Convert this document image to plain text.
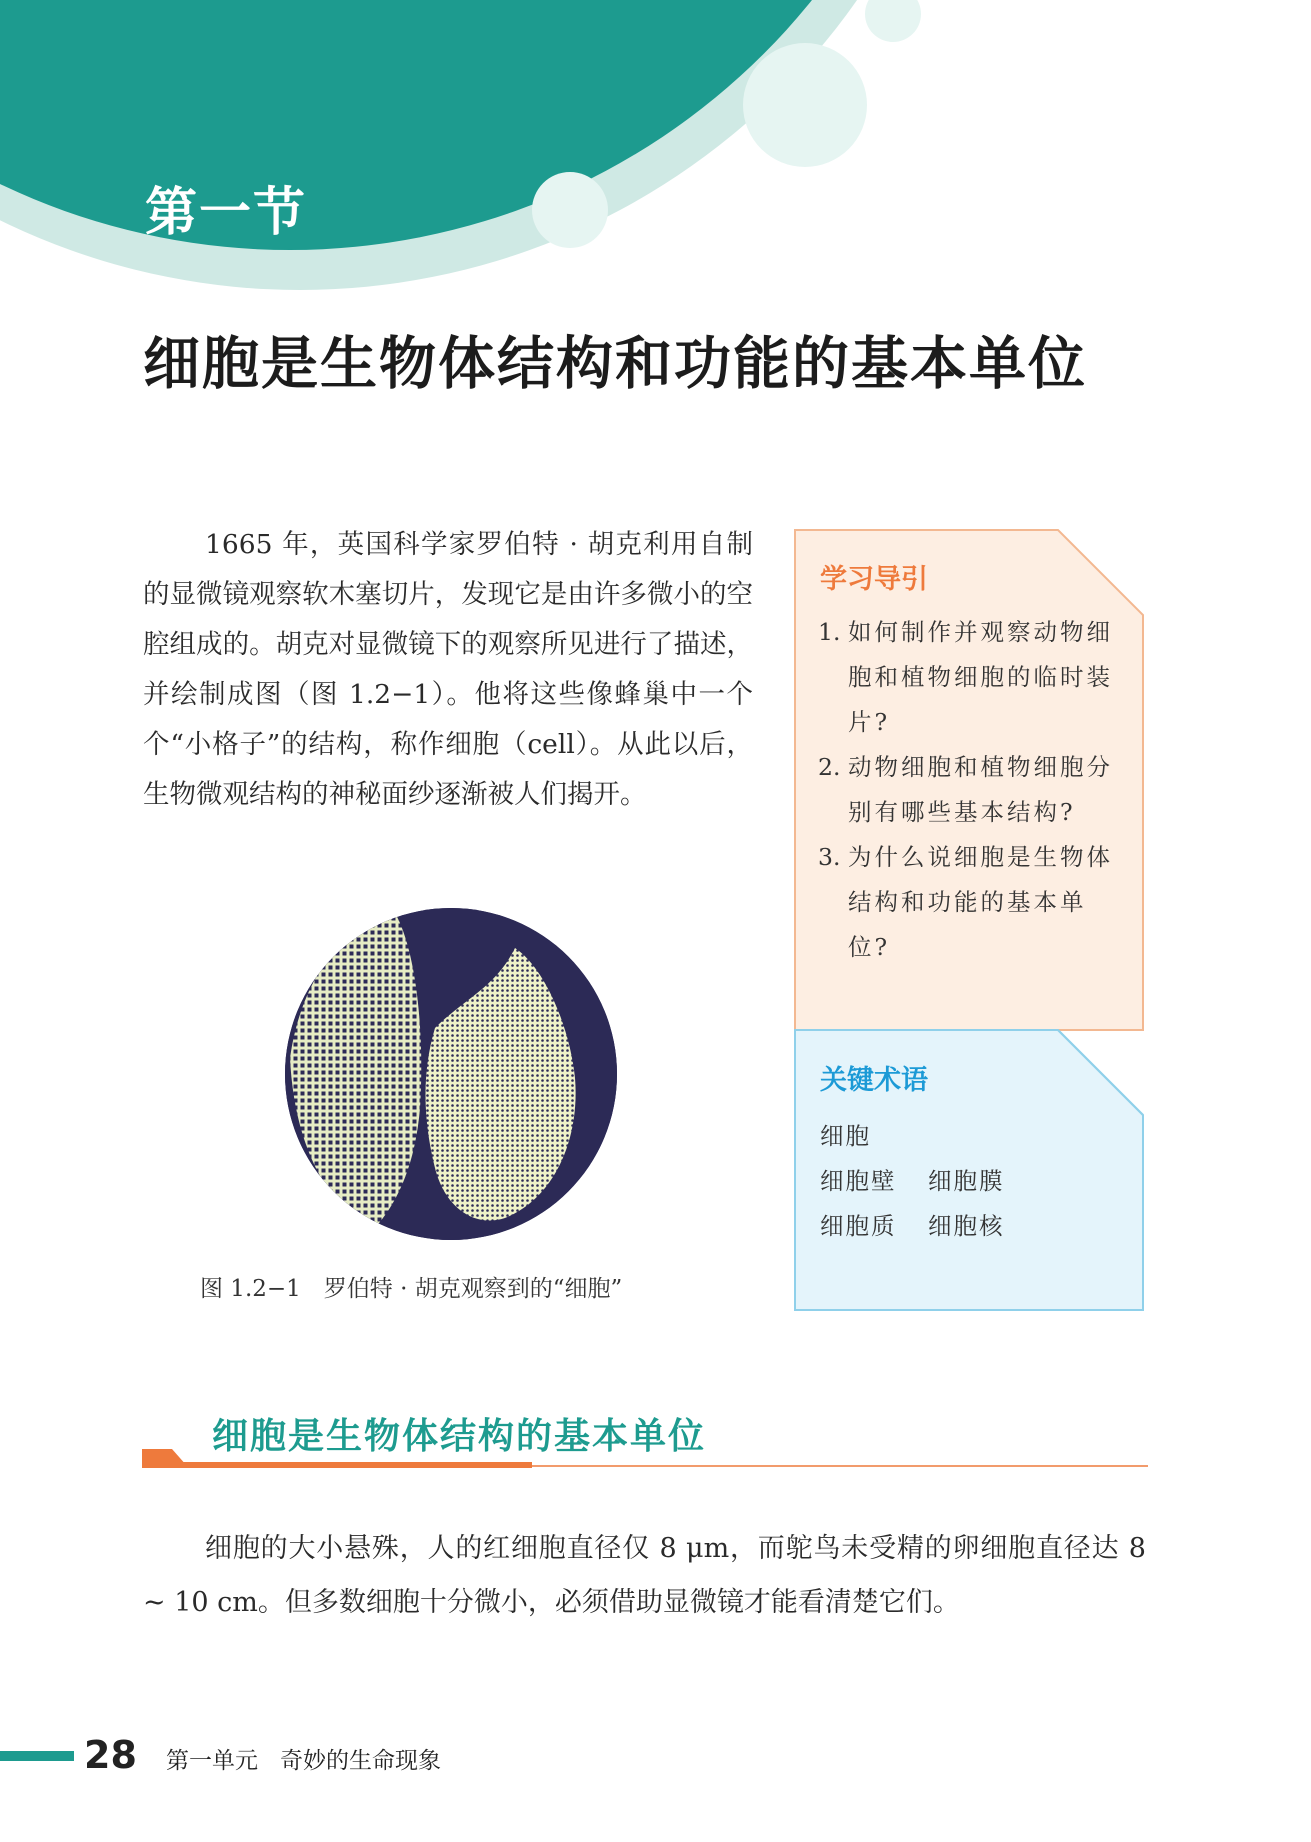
第一节
细胞是生物体结构和功能的基本单位

1665 年，英国科学家罗伯特 · 胡克利用自制的显微镜观察软木塞切片，发现它是由许多微小的空腔组成的。胡克对显微镜下的观察所见进行了描述，并绘制成图（图 1.2−1）。他将这些像蜂巢中一个个“小格子”的结构，称作细胞（cell）。从此以后，生物微观结构的神秘面纱逐渐被人们揭开。

图 1.2−1　罗伯特 · 胡克观察到的“细胞”

学习导引
1. 如何制作并观察动物细胞和植物细胞的临时装片?
2. 动物细胞和植物细胞分别有哪些基本结构?
3. 为什么说细胞是生物体结构和功能的基本单位?
关键术语
细胞
细胞壁 细胞膜
细胞质 细胞核
细胞是生物体结构的基本单位

细胞的大小悬殊，人的红细胞直径仅 8 μm，而鸵鸟未受精的卵细胞直径达 8 ~ 10 cm。但多数细胞十分微小，必须借助显微镜才能看清楚它们。

28 第一单元 奇妙的生命现象
